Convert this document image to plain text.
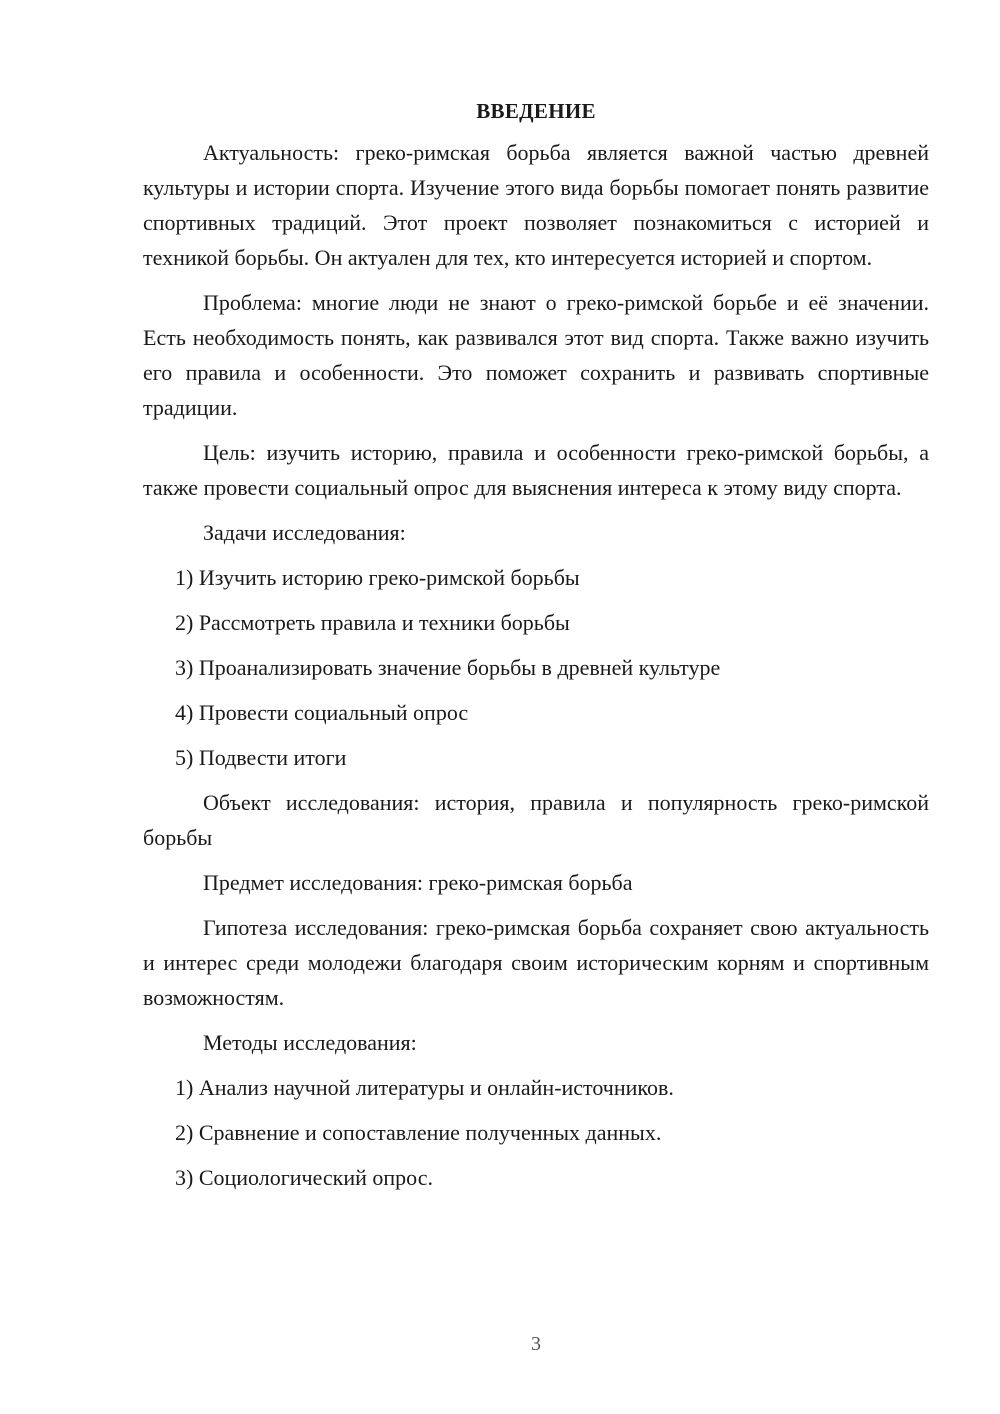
ВВЕДЕНИЕ

Актуальность: греко-римская борьба является важной частью древней культуры и истории спорта. Изучение этого вида борьбы помогает понять развитие спортивных традиций. Этот проект позволяет познакомиться с историей и техникой борьбы. Он актуален для тех, кто интересуется историей и спортом.

Проблема: многие люди не знают о греко-римской борьбе и её значении. Есть необходимость понять, как развивался этот вид спорта. Также важно изучить его правила и особенности. Это поможет сохранить и развивать спортивные традиции.

Цель: изучить историю, правила и особенности греко-римской борьбы, а также провести социальный опрос для выяснения интереса к этому виду спорта.

Задачи исследования:
1) Изучить историю греко-римской борьбы
2) Рассмотреть правила и техники борьбы
3) Проанализировать значение борьбы в древней культуре
4) Провести социальный опрос
5) Подвести итоги

Объект исследования: история, правила и популярность греко-римской борьбы

Предмет исследования: греко-римская борьба

Гипотеза исследования: греко-римская борьба сохраняет свою актуальность и интерес среди молодежи благодаря своим историческим корням и спортивным возможностям.

Методы исследования:
1) Анализ научной литературы и онлайн-источников.
2) Сравнение и сопоставление полученных данных.
3) Социологический опрос.
3
